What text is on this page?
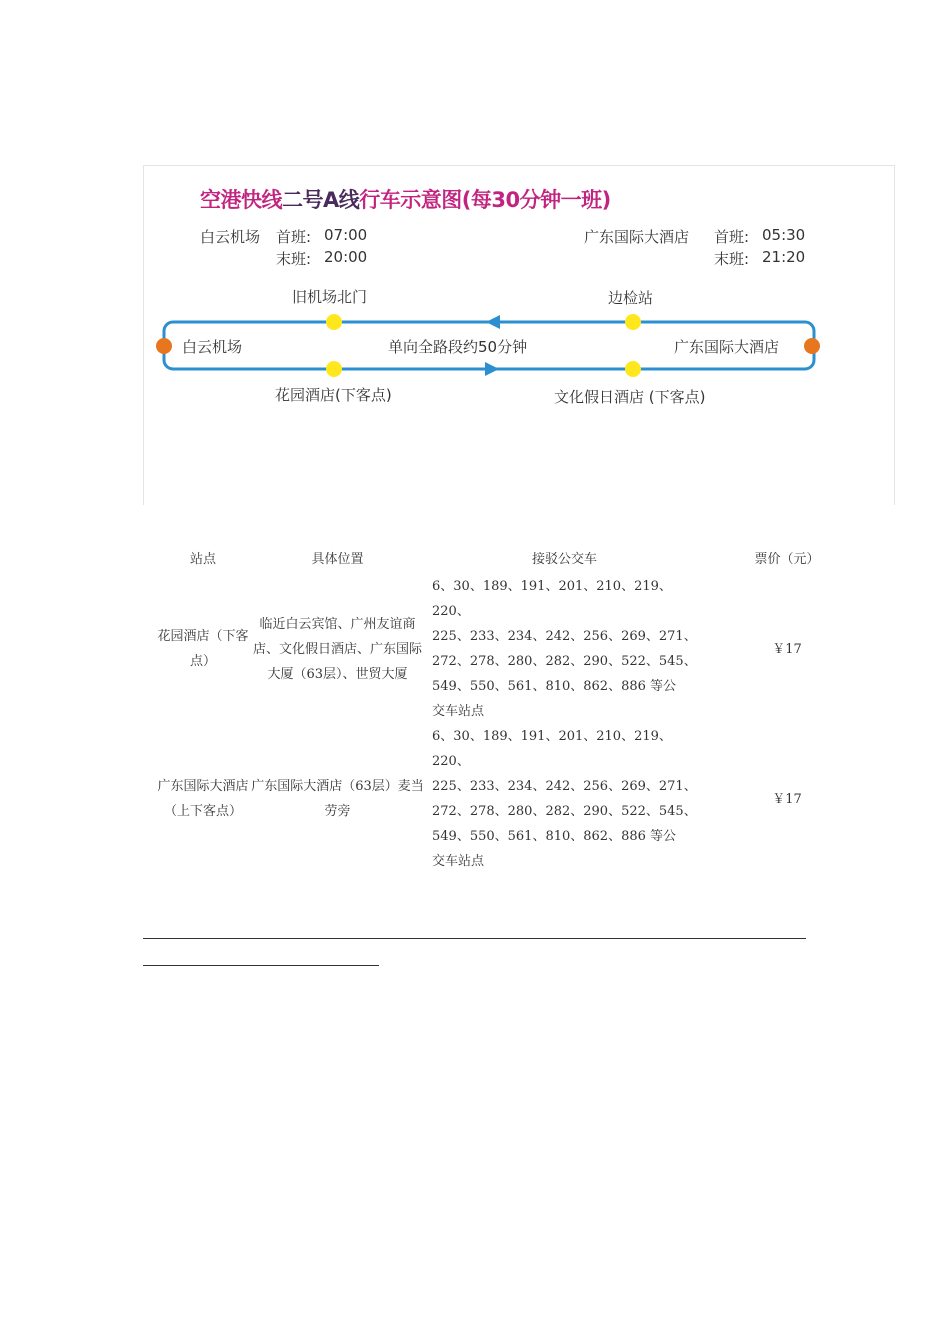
空港快线二号A线行车示意图(每30分钟一班)
白云机场 首班: 07:00
末班: 20:00
广东国际大酒店 首班: 05:30
末班: 21:20
旧机场北门	边检站
白云机场	单向全路段约50分钟	广东国际大酒店
花园酒店(下客点)	文化假日酒店 (下客点)
站点	具体位置	接驳公交车	票价（元）
花园酒店（下客点）	临近白云宾馆、广州友谊商店、文化假日酒店、广东国际大厦（63层）、世贸大厦	6、30、189、191、201、210、219、220、
225、233、234、242、256、269、271、
272、278、280、282、290、522、545、
549、550、561、810、862、886 等公
交车站点	￥17
广东国际大酒店（上下客点）	广东国际大酒店（63层）麦当劳旁	6、30、189、191、201、210、219、220、
225、233、234、242、256、269、271、
272、278、280、282、290、522、545、
549、550、561、810、862、886 等公
交车站点	￥17
